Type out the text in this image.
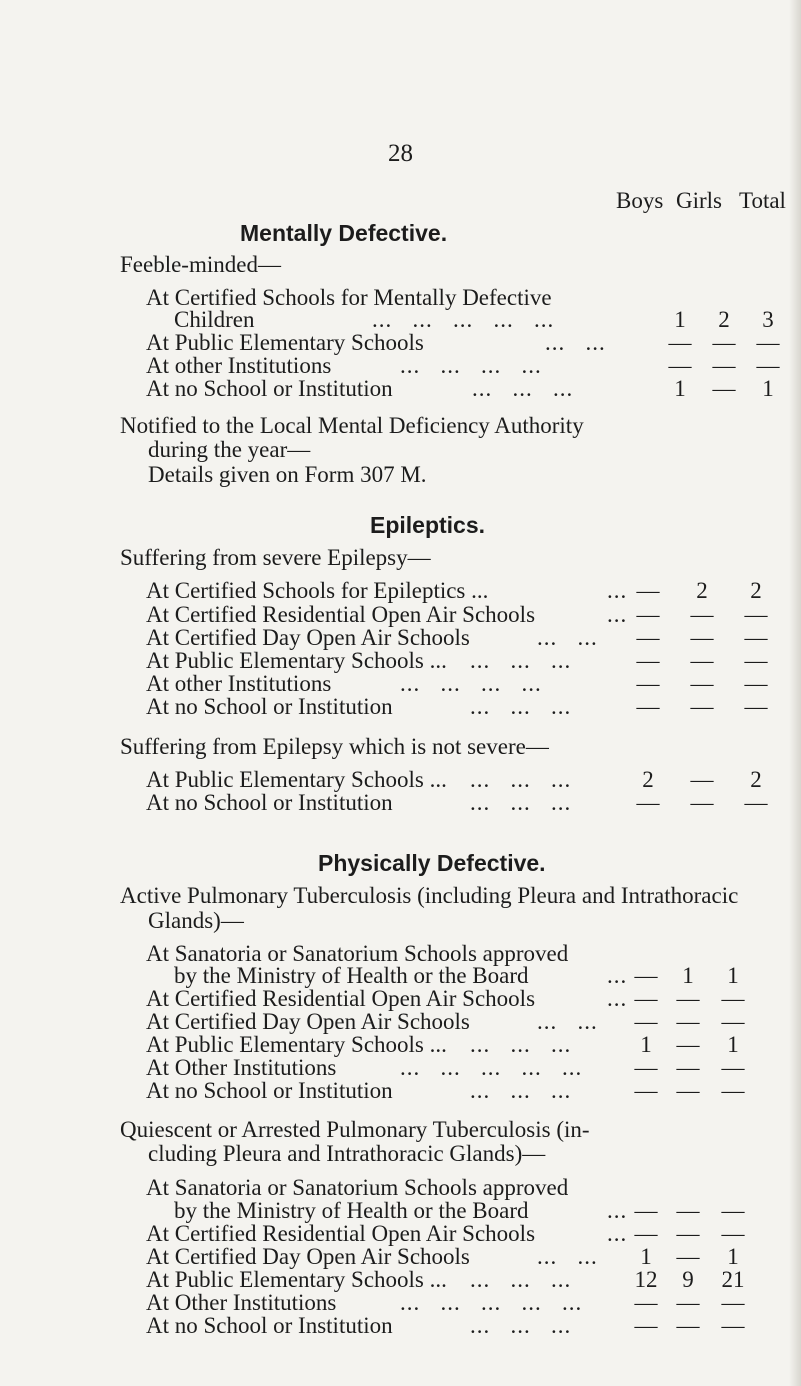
28
Boys Girls Total
Mentally Defective.
Feeble-minded—
At Certified Schools for Mentally Defective
Children	...   ...   ...   ...   ...	1	2	3
At Public Elementary Schools	...   ...	— — —
At other Institutions	...   ...   ...   ...	— — —
At no School or Institution	...   ...   ...	1	—	1
Notified to the Local Mental Deficiency Authority
during the year—
Details given on Form 307 M.
Epileptics.
Suffering from severe Epilepsy—
At Certified Schools for Epileptics ...	... —	2	2
At Certified Residential Open Air Schools	... —	—	—
At Certified Day Open Air Schools	...   ...	—	—	—
At Public Elementary Schools ... ...   ...   ...	—	—	—
At other Institutions	...   ...   ...   ...	—	—	—
At no School or Institution	...   ...   ...	—	—	—
Suffering from Epilepsy which is not severe—
At Public Elementary Schools ... ...   ...   ...	2	—	2
At no School or Institution	...   ...   ...	—	—	—
Physically Defective.
Active Pulmonary Tuberculosis (including Pleura and Intrathoracic
Glands)—
At Sanatoria or Sanatorium Schools approved
by the Ministry of Health or the Board	... —	1	1
At Certified Residential Open Air Schools	... — — —
At Certified Day Open Air Schools	...   ...	— — —
At Public Elementary Schools ... ...   ...   ...	1	—	1
At Other Institutions	...   ...   ...   ...   ...	— — —
At no School or Institution	...   ...   ...	— — —
Quiescent or Arrested Pulmonary Tuberculosis (in-
cluding Pleura and Intrathoracic Glands)—
At Sanatoria or Sanatorium Schools approved
by the Ministry of Health or the Board	... — — —
At Certified Residential Open Air Schools	... — — —
At Certified Day Open Air Schools	...   ...	1	—	1
At Public Elementary Schools ... ...   ...   ...	12	9	21
At Other Institutions	...   ...   ...   ...   ...	— — —
At no School or Institution	...   ...   ...	— — —
